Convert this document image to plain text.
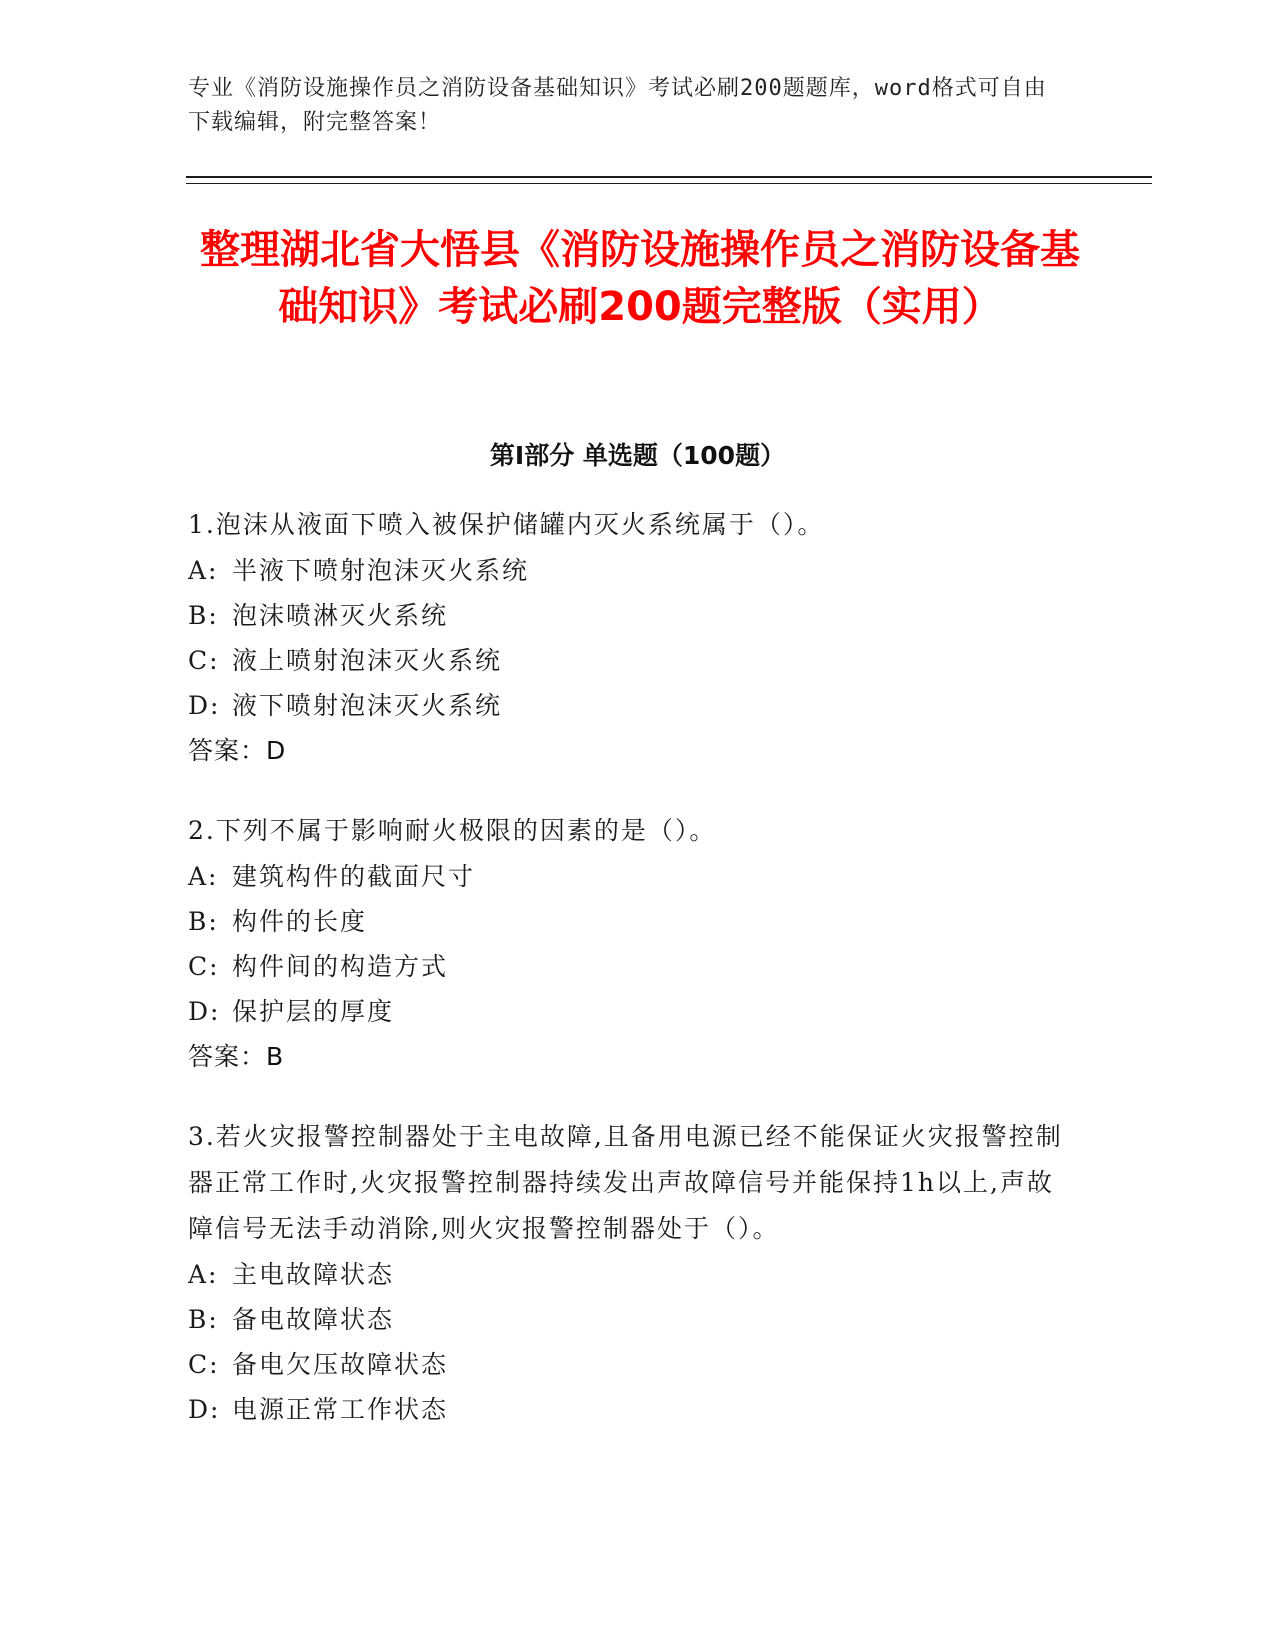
专业《消防设施操作员之消防设备基础知识》考试必刷200题题库，word格式可自由下载编辑，附完整答案！
整理湖北省大悟县《消防设施操作员之消防设备基础知识》考试必刷200题完整版（实用）
第I部分 单选题（100题）
1.泡沫从液面下喷入被保护储罐内灭火系统属于（）。
A: 半液下喷射泡沫灭火系统
B: 泡沫喷淋灭火系统
C: 液上喷射泡沫灭火系统
D: 液下喷射泡沫灭火系统
答案：D
2.下列不属于影响耐火极限的因素的是（）。
A: 建筑构件的截面尺寸
B: 构件的长度
C: 构件间的构造方式
D: 保护层的厚度
答案：B
3.若火灾报警控制器处于主电故障,且备用电源已经不能保证火灾报警控制器正常工作时,火灾报警控制器持续发出声故障信号并能保持1h以上,声故障信号无法手动消除,则火灾报警控制器处于（）。
A: 主电故障状态
B: 备电故障状态
C: 备电欠压故障状态
D: 电源正常工作状态
